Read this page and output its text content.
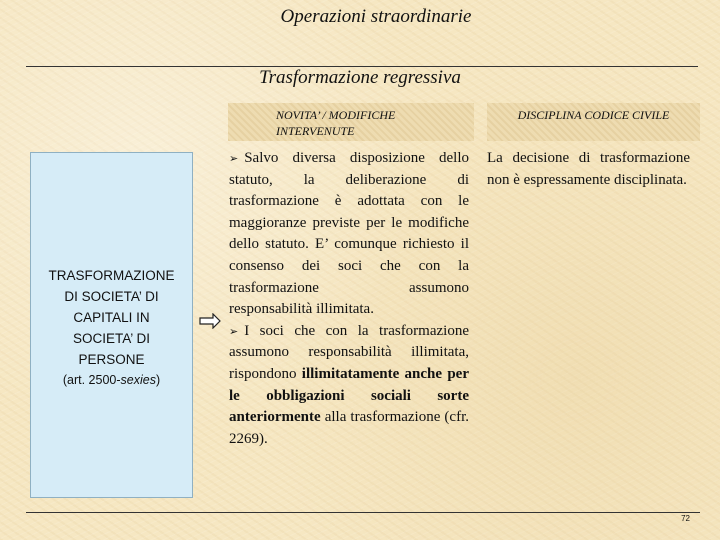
Operazioni straordinarie
Trasformazione regressiva
NOVITA’ / MODIFICHE INTERVENUTE
DISCIPLINA CODICE CIVILE
TRASFORMAZIONE
DI SOCIETA’ DI
CAPITALI IN
SOCIETA’ DI
PERSONE
(art. 2500-sexies)

➢ Salvo diversa disposizione dello statuto, la deliberazione di trasformazione è adottata con le maggioranze previste per le modifiche dello statuto. E’ comunque richiesto il consenso dei soci che con la trasformazione assumono responsabilità illimitata.

➢ I soci che con la trasformazione assumono responsabilità illimitata, rispondono illimitatamente anche per le obbligazioni sociali sorte anteriormente alla trasformazione (cfr. 2269).

La decisione di trasformazione non è espressamente disciplinata.

72
